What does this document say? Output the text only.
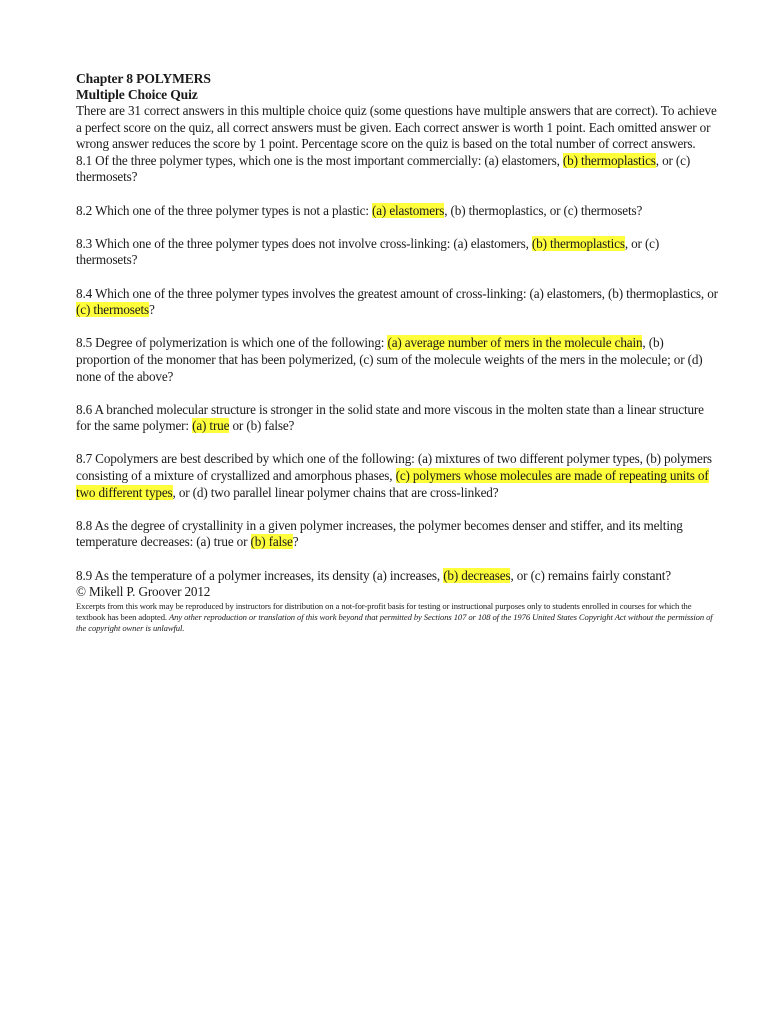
Chapter 8 POLYMERS
Multiple Choice Quiz

There are 31 correct answers in this multiple choice quiz (some questions have multiple answers that are correct). To achieve a perfect score on the quiz, all correct answers must be given. Each correct answer is worth 1 point. Each omitted answer or wrong answer reduces the score by 1 point. Percentage score on the quiz is based on the total number of correct answers.

8.1 Of the three polymer types, which one is the most important commercially: (a) elastomers, (b) thermoplastics, or (c) thermosets?

8.2 Which one of the three polymer types is not a plastic: (a) elastomers, (b) thermoplastics, or (c) thermosets?

8.3 Which one of the three polymer types does not involve cross-linking: (a) elastomers, (b) thermoplastics, or (c) thermosets?

8.4 Which one of the three polymer types involves the greatest amount of cross-linking: (a) elastomers, (b) thermoplastics, or (c) thermosets?

8.5 Degree of polymerization is which one of the following: (a) average number of mers in the molecule chain, (b) proportion of the monomer that has been polymerized, (c) sum of the molecule weights of the mers in the molecule; or (d) none of the above?

8.6 A branched molecular structure is stronger in the solid state and more viscous in the molten state than a linear structure for the same polymer: (a) true or (b) false?

8.7 Copolymers are best described by which one of the following: (a) mixtures of two different polymer types, (b) polymers consisting of a mixture of crystallized and amorphous phases, (c) polymers whose molecules are made of repeating units of two different types, or (d) two parallel linear polymer chains that are cross-linked?

8.8 As the degree of crystallinity in a given polymer increases, the polymer becomes denser and stiffer, and its melting temperature decreases: (a) true or (b) false?

8.9 As the temperature of a polymer increases, its density (a) increases, (b) decreases, or (c) remains fairly constant?

© Mikell P. Groover 2012

Excerpts from this work may be reproduced by instructors for distribution on a not-for-profit basis for testing or instructional purposes only to students enrolled in courses for which the textbook has been adopted. Any other reproduction or translation of this work beyond that permitted by Sections 107 or 108 of the 1976 United States Copyright Act without the permission of the copyright owner is unlawful.
